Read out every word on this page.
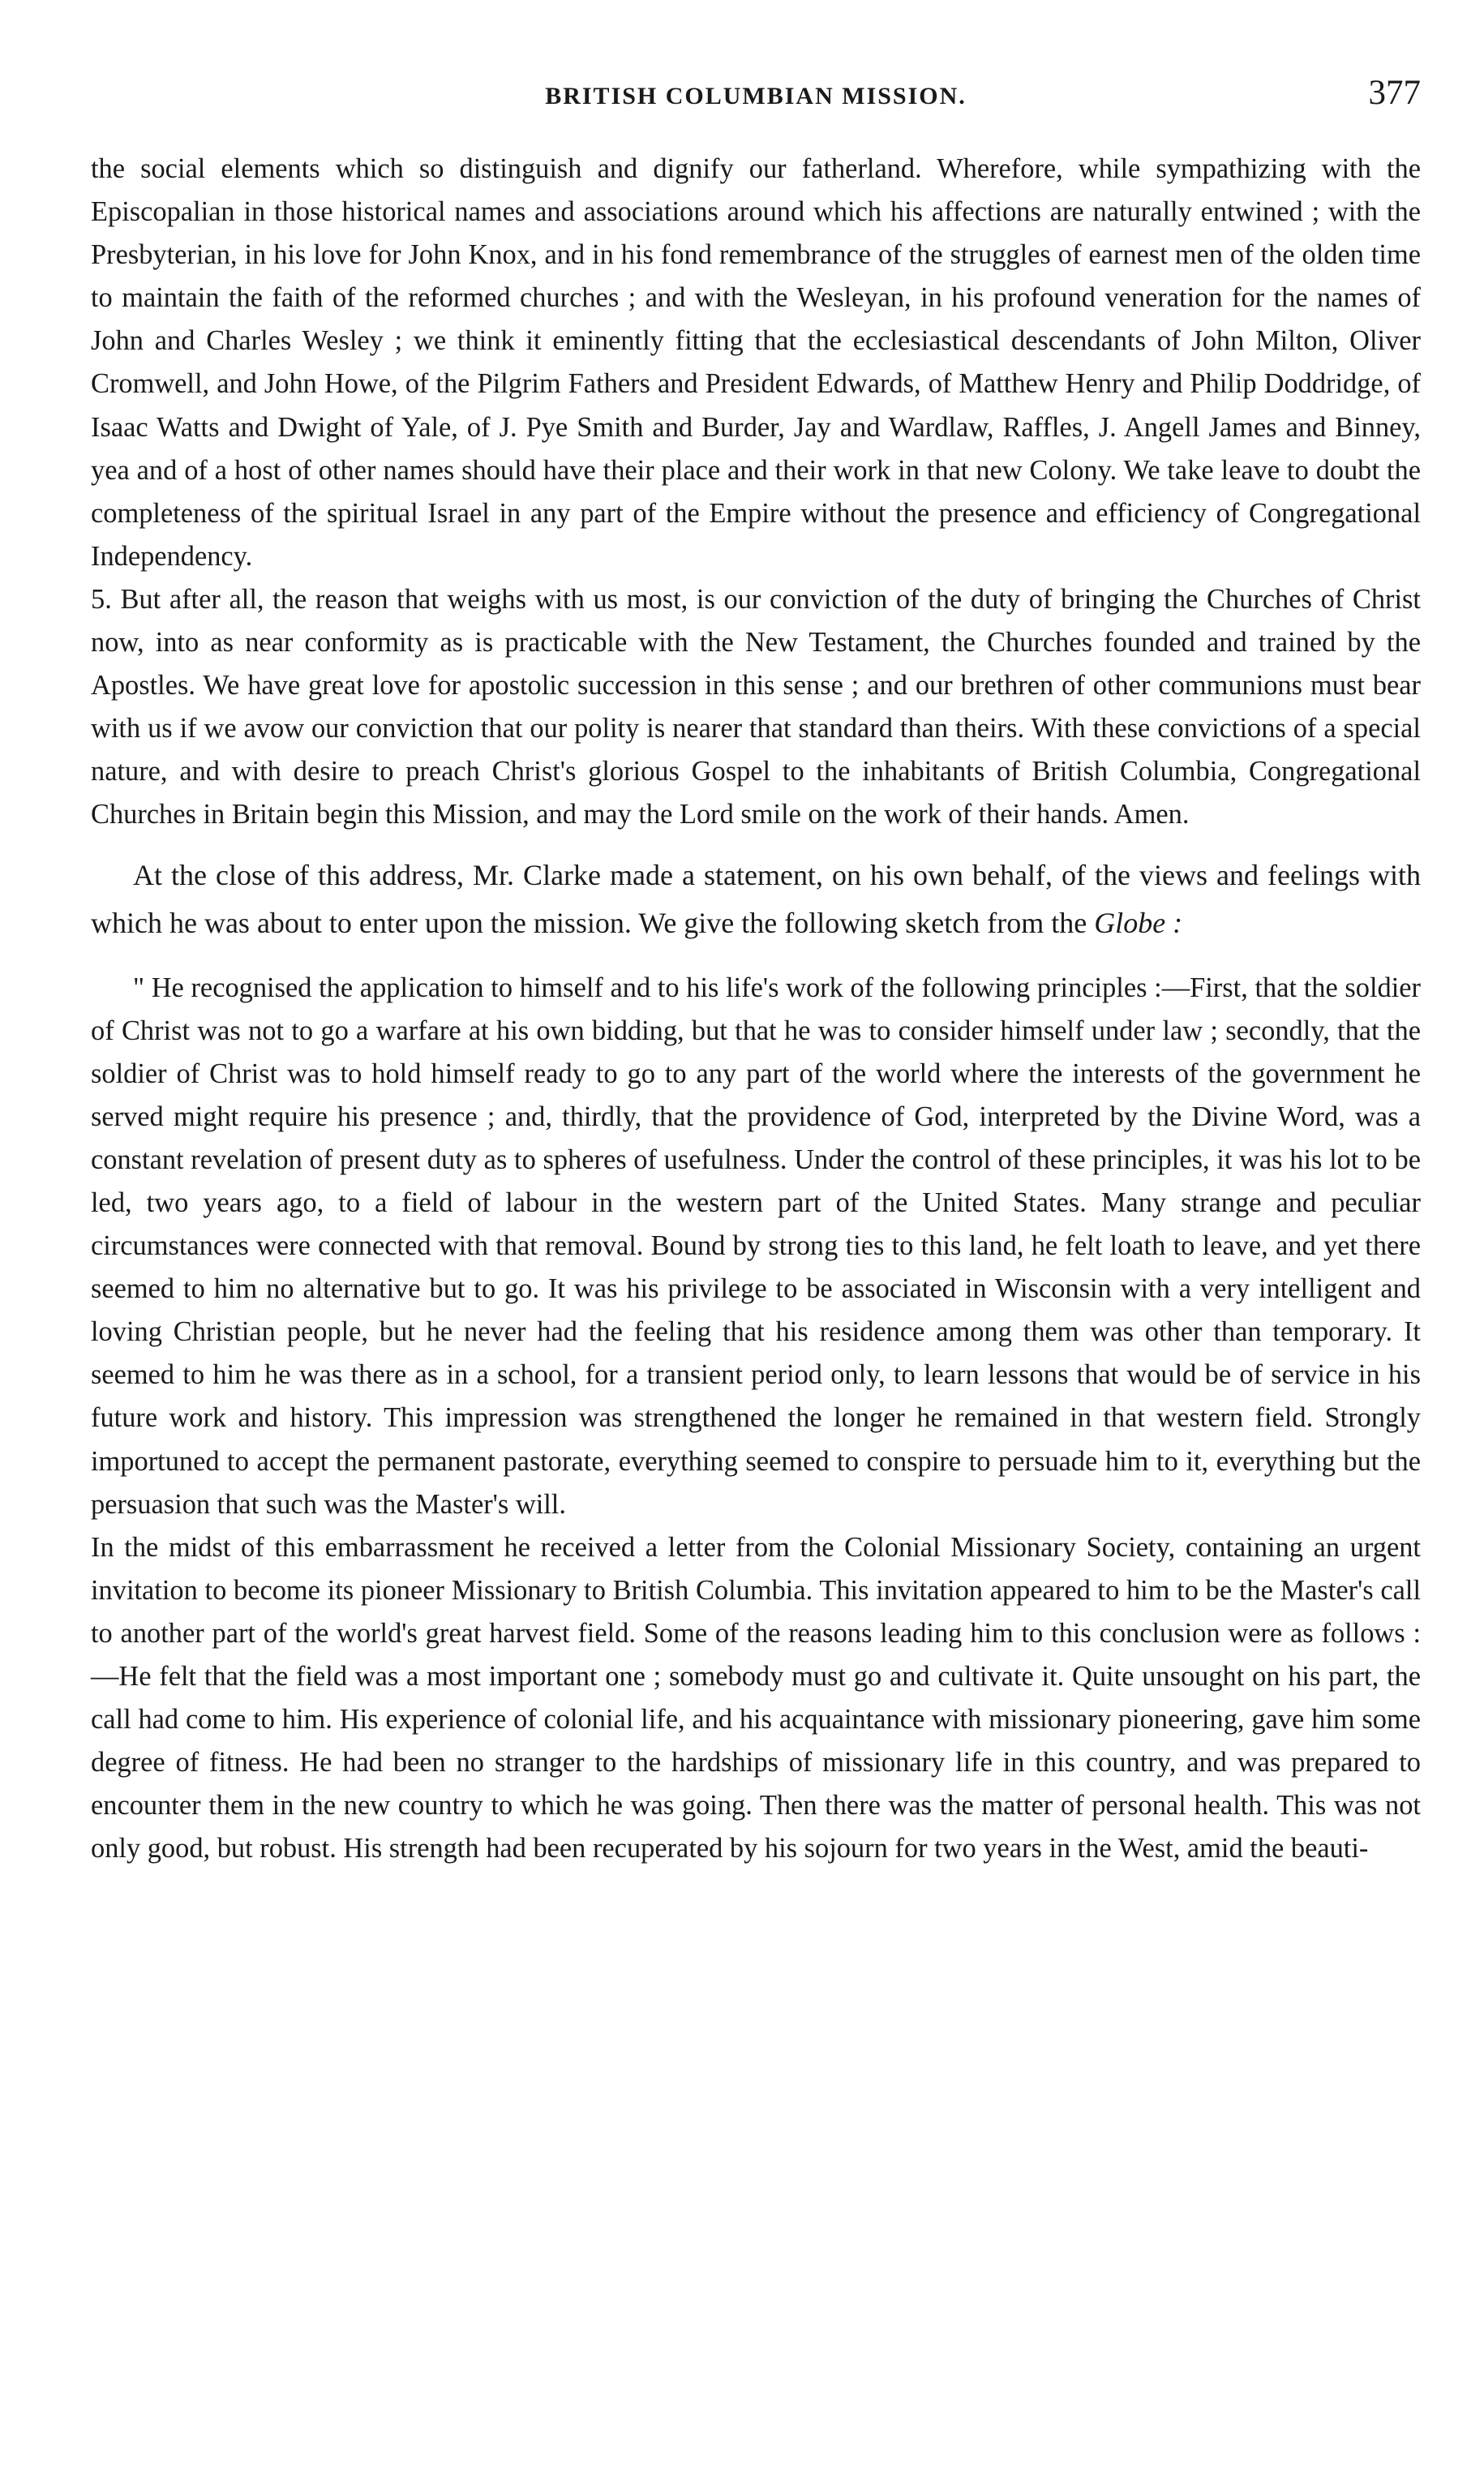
BRITISH COLUMBIAN MISSION.	377

the social elements which so distinguish and dignify our fatherland. Wherefore, while sympathizing with the Episcopalian in those historical names and associations around which his affections are naturally entwined ; with the Presbyterian, in his love for John Knox, and in his fond remembrance of the struggles of earnest men of the olden time to maintain the faith of the reformed churches ; and with the Wesleyan, in his profound veneration for the names of John and Charles Wesley ; we think it eminently fitting that the ecclesiastical descendants of John Milton, Oliver Cromwell, and John Howe, of the Pilgrim Fathers and President Edwards, of Matthew Henry and Philip Doddridge, of Isaac Watts and Dwight of Yale, of J. Pye Smith and Burder, Jay and Wardlaw, Raffles, J. Angell James and Binney, yea and of a host of other names should have their place and their work in that new Colony. We take leave to doubt the completeness of the spiritual Israel in any part of the Empire without the presence and efficiency of Congregational Independency.

5. But after all, the reason that weighs with us most, is our conviction of the duty of bringing the Churches of Christ now, into as near conformity as is practicable with the New Testament, the Churches founded and trained by the Apostles. We have great love for apostolic succession in this sense ; and our brethren of other communions must bear with us if we avow our conviction that our polity is nearer that standard than theirs. With these convictions of a special nature, and with desire to preach Christ's glorious Gospel to the inhabitants of British Columbia, Congregational Churches in Britain begin this Mission, and may the Lord smile on the work of their hands. Amen.

At the close of this address, Mr. Clarke made a statement, on his own behalf, of the views and feelings with which he was about to enter upon the mission. We give the following sketch from the Globe :

" He recognised the application to himself and to his life's work of the following principles :—First, that the soldier of Christ was not to go a warfare at his own bidding, but that he was to consider himself under law ; secondly, that the soldier of Christ was to hold himself ready to go to any part of the world where the interests of the government he served might require his presence ; and, thirdly, that the providence of God, interpreted by the Divine Word, was a constant revelation of present duty as to spheres of usefulness. Under the control of these principles, it was his lot to be led, two years ago, to a field of labour in the western part of the United States. Many strange and peculiar circumstances were connected with that removal. Bound by strong ties to this land, he felt loath to leave, and yet there seemed to him no alternative but to go. It was his privilege to be associated in Wisconsin with a very intelligent and loving Christian people, but he never had the feeling that his residence among them was other than temporary. It seemed to him he was there as in a school, for a transient period only, to learn lessons that would be of service in his future work and history. This impression was strengthened the longer he remained in that western field. Strongly importuned to accept the permanent pastorate, everything seemed to conspire to persuade him to it, everything but the persuasion that such was the Master's will.

In the midst of this embarrassment he received a letter from the Colonial Missionary Society, containing an urgent invitation to become its pioneer Missionary to British Columbia. This invitation appeared to him to be the Master's call to another part of the world's great harvest field. Some of the reasons leading him to this conclusion were as follows :—He felt that the field was a most important one ; somebody must go and cultivate it. Quite unsought on his part, the call had come to him. His experience of colonial life, and his acquaintance with missionary pioneering, gave him some degree of fitness. He had been no stranger to the hardships of missionary life in this country, and was prepared to encounter them in the new country to which he was going. Then there was the matter of personal health. This was not only good, but robust. His strength had been recuperated by his sojourn for two years in the West, amid the beauti-
